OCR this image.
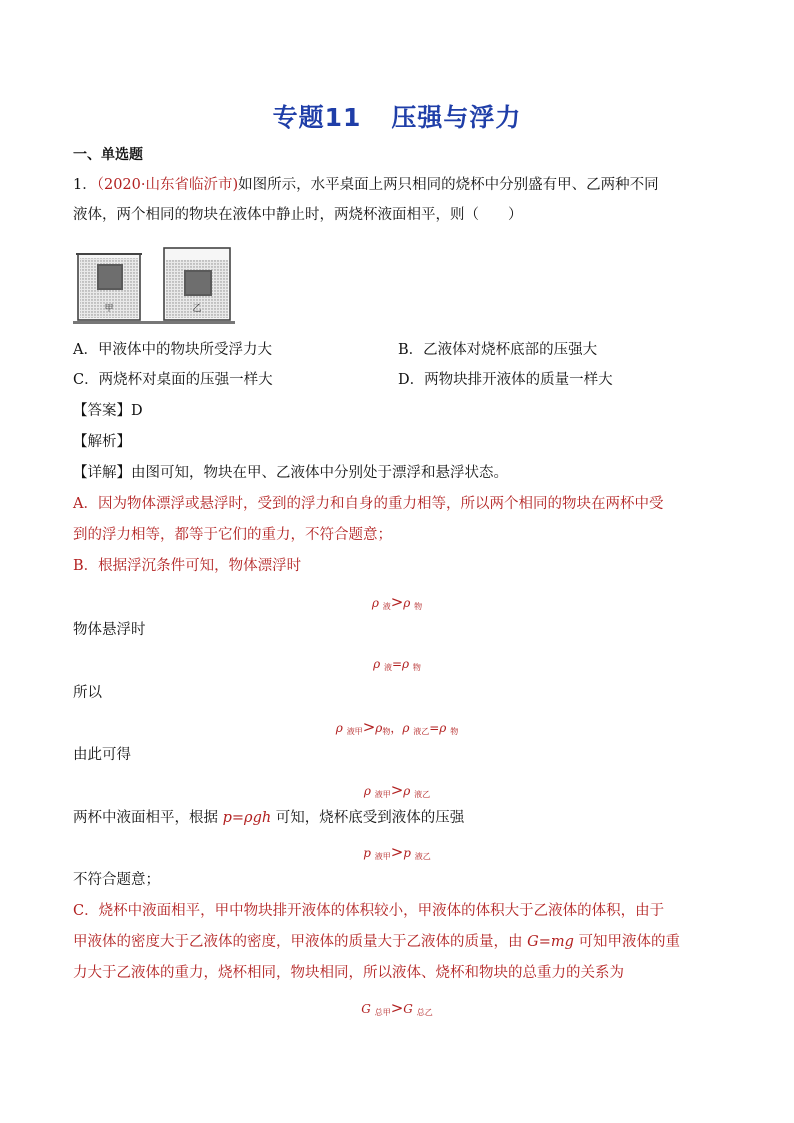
专题11 压强与浮力
一、单选题
1．（2020·山东省临沂市)如图所示，水平桌面上两只相同的烧杯中分别盛有甲、乙两种不同
液体，两个相同的物块在液体中静止时，两烧杯液面相平，则（　　）
甲	乙
A．甲液体中的物块所受浮力大	B．乙液体对烧杯底部的压强大
C．两烧杯对桌面的压强一样大	D．两物块排开液体的质量一样大
【答案】D
【解析】
【详解】由图可知，物块在甲、乙液体中分别处于漂浮和悬浮状态。
A．因为物体漂浮或悬浮时，受到的浮力和自身的重力相等，所以两个相同的物块在两杯中受
到的浮力相等，都等于它们的重力，不符合题意；
B．根据浮沉条件可知，物体漂浮时
ρ $_液$>ρ $_物$
物体悬浮时
ρ $_液$=ρ $_物$
所以
ρ $_{液甲}>\rho_物$，ρ $_{液乙}$=ρ $_物$
由此可得
ρ $_{液甲}$>ρ $_{液乙}$
两杯中液面相平，根据 p=ρgh 可知，烧杯底受到液体的压强
p $_{液甲}$>p $_{液乙}$
不符合题意；
C．烧杯中液面相平，甲中物块排开液体的体积较小，甲液体的体积大于乙液体的体积，由于
甲液体的密度大于乙液体的密度，甲液体的质量大于乙液体的质量，由 G=mg 可知甲液体的重
力大于乙液体的重力，烧杯相同，物块相同，所以液体、烧杯和物块的总重力的关系为
G $_{总甲}$>G $_{总乙}$
